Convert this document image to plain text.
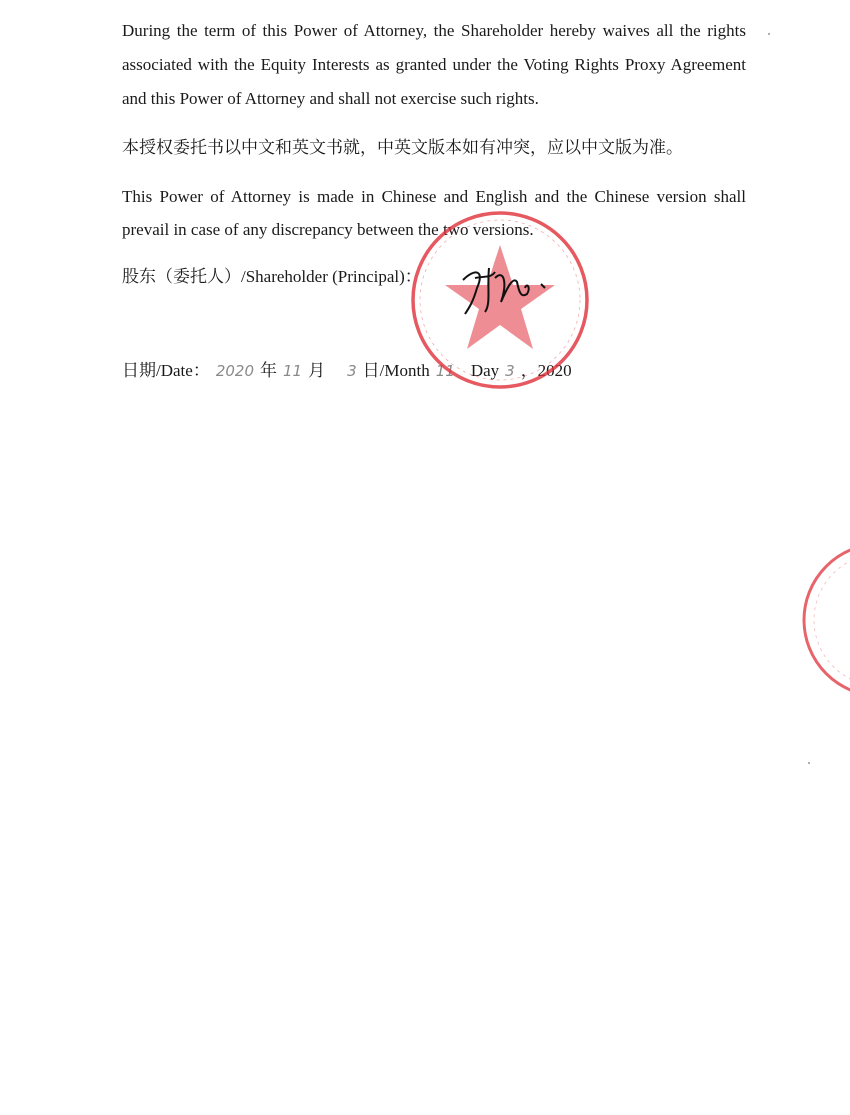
During the term of this Power of Attorney, the Shareholder hereby waives all the rights associated with the Equity Interests as granted under the Voting Rights Proxy Agreement and this Power of Attorney and shall not exercise such rights.
本授权委托书以中文和英文书就，中英文版本如有冲突，应以中文版为准。
This Power of Attorney is made in Chinese and English and the Chinese version shall prevail in case of any discrepancy between the two versions.
股东（委托人）/Shareholder (Principal)：
日期/Date： 2020 年 11 月 3 日/Month 11 Day 3 ，2020
